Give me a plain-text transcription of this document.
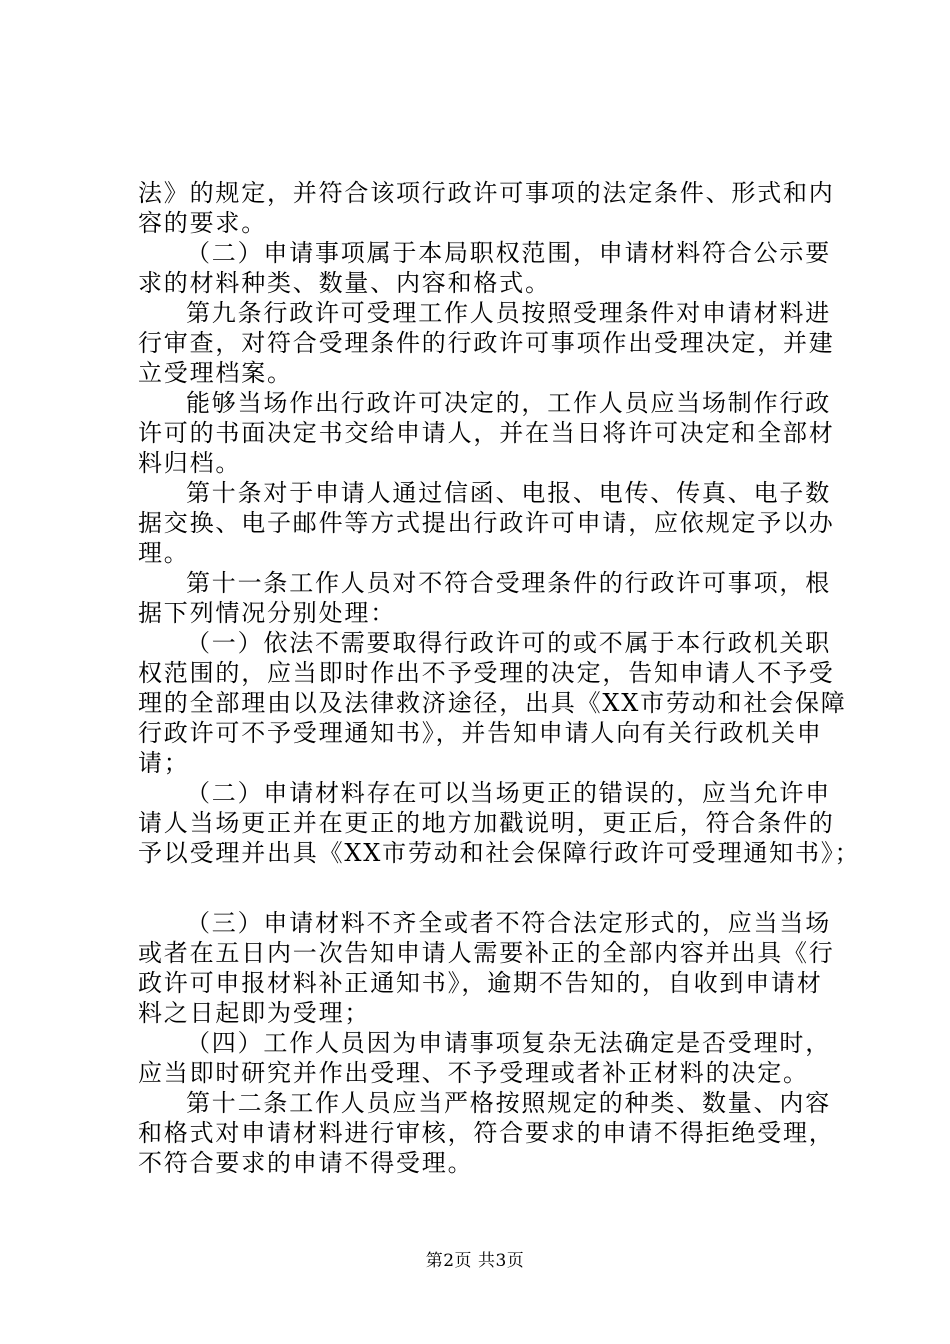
法》的规定，并符合该项行政许可事项的法定条件、形式和内
容的要求。
（二）申请事项属于本局职权范围，申请材料符合公示要
求的材料种类、数量、内容和格式。
第九条行政许可受理工作人员按照受理条件对申请材料进
行审查，对符合受理条件的行政许可事项作出受理决定，并建
立受理档案。
能够当场作出行政许可决定的，工作人员应当场制作行政
许可的书面决定书交给申请人，并在当日将许可决定和全部材
料归档。
第十条对于申请人通过信函、电报、电传、传真、电子数
据交换、电子邮件等方式提出行政许可申请，应依规定予以办
理。
第十一条工作人员对不符合受理条件的行政许可事项，根
据下列情况分别处理：
（一）依法不需要取得行政许可的或不属于本行政机关职
权范围的，应当即时作出不予受理的决定，告知申请人不予受
理的全部理由以及法律救济途径，出具《XX市劳动和社会保障
行政许可不予受理通知书》，并告知申请人向有关行政机关申
请；
（二）申请材料存在可以当场更正的错误的，应当允许申
请人当场更正并在更正的地方加戳说明，更正后，符合条件的
予以受理并出具《XX市劳动和社会保障行政许可受理通知书》；
（三）申请材料不齐全或者不符合法定形式的，应当当场
或者在五日内一次告知申请人需要补正的全部内容并出具《行
政许可申报材料补正通知书》，逾期不告知的，自收到申请材
料之日起即为受理；
（四）工作人员因为申请事项复杂无法确定是否受理时，
应当即时研究并作出受理、不予受理或者补正材料的决定。
第十二条工作人员应当严格按照规定的种类、数量、内容
和格式对申请材料进行审核，符合要求的申请不得拒绝受理，
不符合要求的申请不得受理。
第2页 共3页
